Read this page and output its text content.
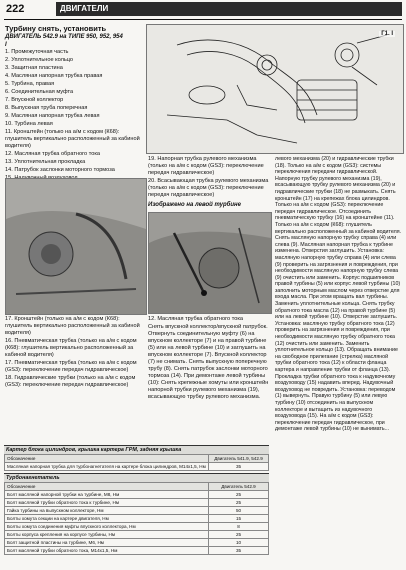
222	ДВИГАТЕЛИ
Турбину снять, установить
ДВИГАТЕЛЬ 542.9 на ТИПЕ 950, 952, 954
I

1. Промежуточная часть

2. Уплотнительное кольцо

3. Защитная пластина

4. Масляная напорная трубка правая

5. Турбина, правая

6. Соединительная муфта

7. Впускной коллектор

8. Выпускная труба поперечная

9. Масляная напорная трубка левая

10. Турбина левая

11. Кронштейн (только на а/м с кодом (К68): глушитель вертикально расположенный за кабиной водителя)

12. Масляная трубка обратного тока

13. Уплотнительная прокладка

14. Патрубок заслонки моторного тормоза

Г1. I

17. Кронштейн (только на а/м с кодом (К68): глушитель вертикально расположенный за кабиной водителя)

16. Пневматическая трубка (только на а/м с кодом (К68): глушитель вертикально расположенный за кабиной водителя)

17. Пневматическая трубка (только на а/м с кодом (GS3): переключение передач гидравлическое)

18. Гидравлические трубки (только на а/м с кодом (GS3): переключение передач гидравлическое)

19. Напорная трубка рулевого механизма (только на а/м с кодом (GS3): переключение передач гидравлическое)

20. Всасывающая трубка рулевого механизма (только на а/м с кодом (GS3): переключение передач гидравлическое)

Изображено на левой турбине

12. Масляная трубка обратного тока

Снять впускной коллектор/впускной патрубок. Отвернуть соединительную муфту (6) на впускном коллекторе (7) и на правой турбине (5) или на левой турбине (10) и заглушить на впускном коллекторе (7). Впускной коллектор (7) не снимать. Снять выпускную поперечную трубу (8). Снять патрубок заслонки моторного тормоза (14). При демонтаже левой турбины (10): Снять крепежные хомуты или кронштейн напорной трубки рулевого механизма (19), всасывающую трубку рулевого механизма.

левого механизма (20) и гидравлические трубки (18). Только на а/м с кодом (GS3): системы переключения передачи гидравлической. Напорную трубку рулевого механизма (19), всасывающую трубку рулевого механизма (20) и гидравлические трубки (18) не размыкать. Снять кронштейн (17) на крепежах блока цилиндров. Только на а/м с кодом (GS3): переключение передач гидравлическое. Отсоединить пневматическую трубку (16) на кронштейне (11). Только на а/м с кодом (К68): глушитель вертикально расположенный за кабиной водителя. Снять масляную напорную трубку справа (4) или слева (9). Масляная напорная трубка к турбине изменена. Отверстия заглушить. Установка: масляную напорную трубку справа (4) или слева (9) проверить на загрязнения и повреждения, при необходимости масляную напорную трубку слева (9) очистить или заменить. Корпус подшипников правой турбины (5) или корпус левой турбины (10) заполнить моторным маслом через отверстие для входа масла. При этом вращать вал турбины. Заменить уплотнительные кольца. Снять трубку обратного тока масла (12) на правой турбине (5) или на левой турбине (10). Отверстие заглушить. Установка: масляную трубку обратного тока (12) проверить на загрязнения и повреждения, при необходимости масляную трубку обратного тока (12) очистить или заменить. Заменить уплотнительное кольцо (13). Обращать внимание на свободное прилегание (стрелка) масляной трубки обратного тока (12) к области фланца картера и направление трубки от фланца (13). Прокладка трубки обратного тока к надувочному воздуховоду (15) надавить вперед. Надувочный воздуховод не повредить. Установка: переводом (1) вывернуть. Правую турбину (5) или левую турбину (10) отсоединить на выпускном коллекторе и вытащить из надувочного воздуховода (15). На а/м с кодом (GS3): переключение передач гидравлическое, при демонтаже левой турбины (10) не вынимать...

Картер блока цилиндров, крышка картера ГРМ, задняя крышка
Обозначение	Двигатель 541.9, 542.9
Масляная напорная трубка для турбонагнетателя на картере блока цилиндров, М14х1,5, Нм	35
Турбонагнетатель
Обозначение	Двигатель 542.9
Болт масляной напорной трубки на турбине, М8, Нм	25
Болт масляной трубки обратного тока к турбине, Нм	25
Гайка турбины на выпускном коллекторе, Нм	50
Болты хомута секции на картере двигателя, Нм	15
Болты хомута соединения муфты впускного коллектора, Нм	8
Болты корпуса крепления на корпусе турбины, Нм	25
Болт защитной пластины на турбине, М6, Нм	10
Болт масляной трубки обратного тока, М14х1,5, Нм	35
